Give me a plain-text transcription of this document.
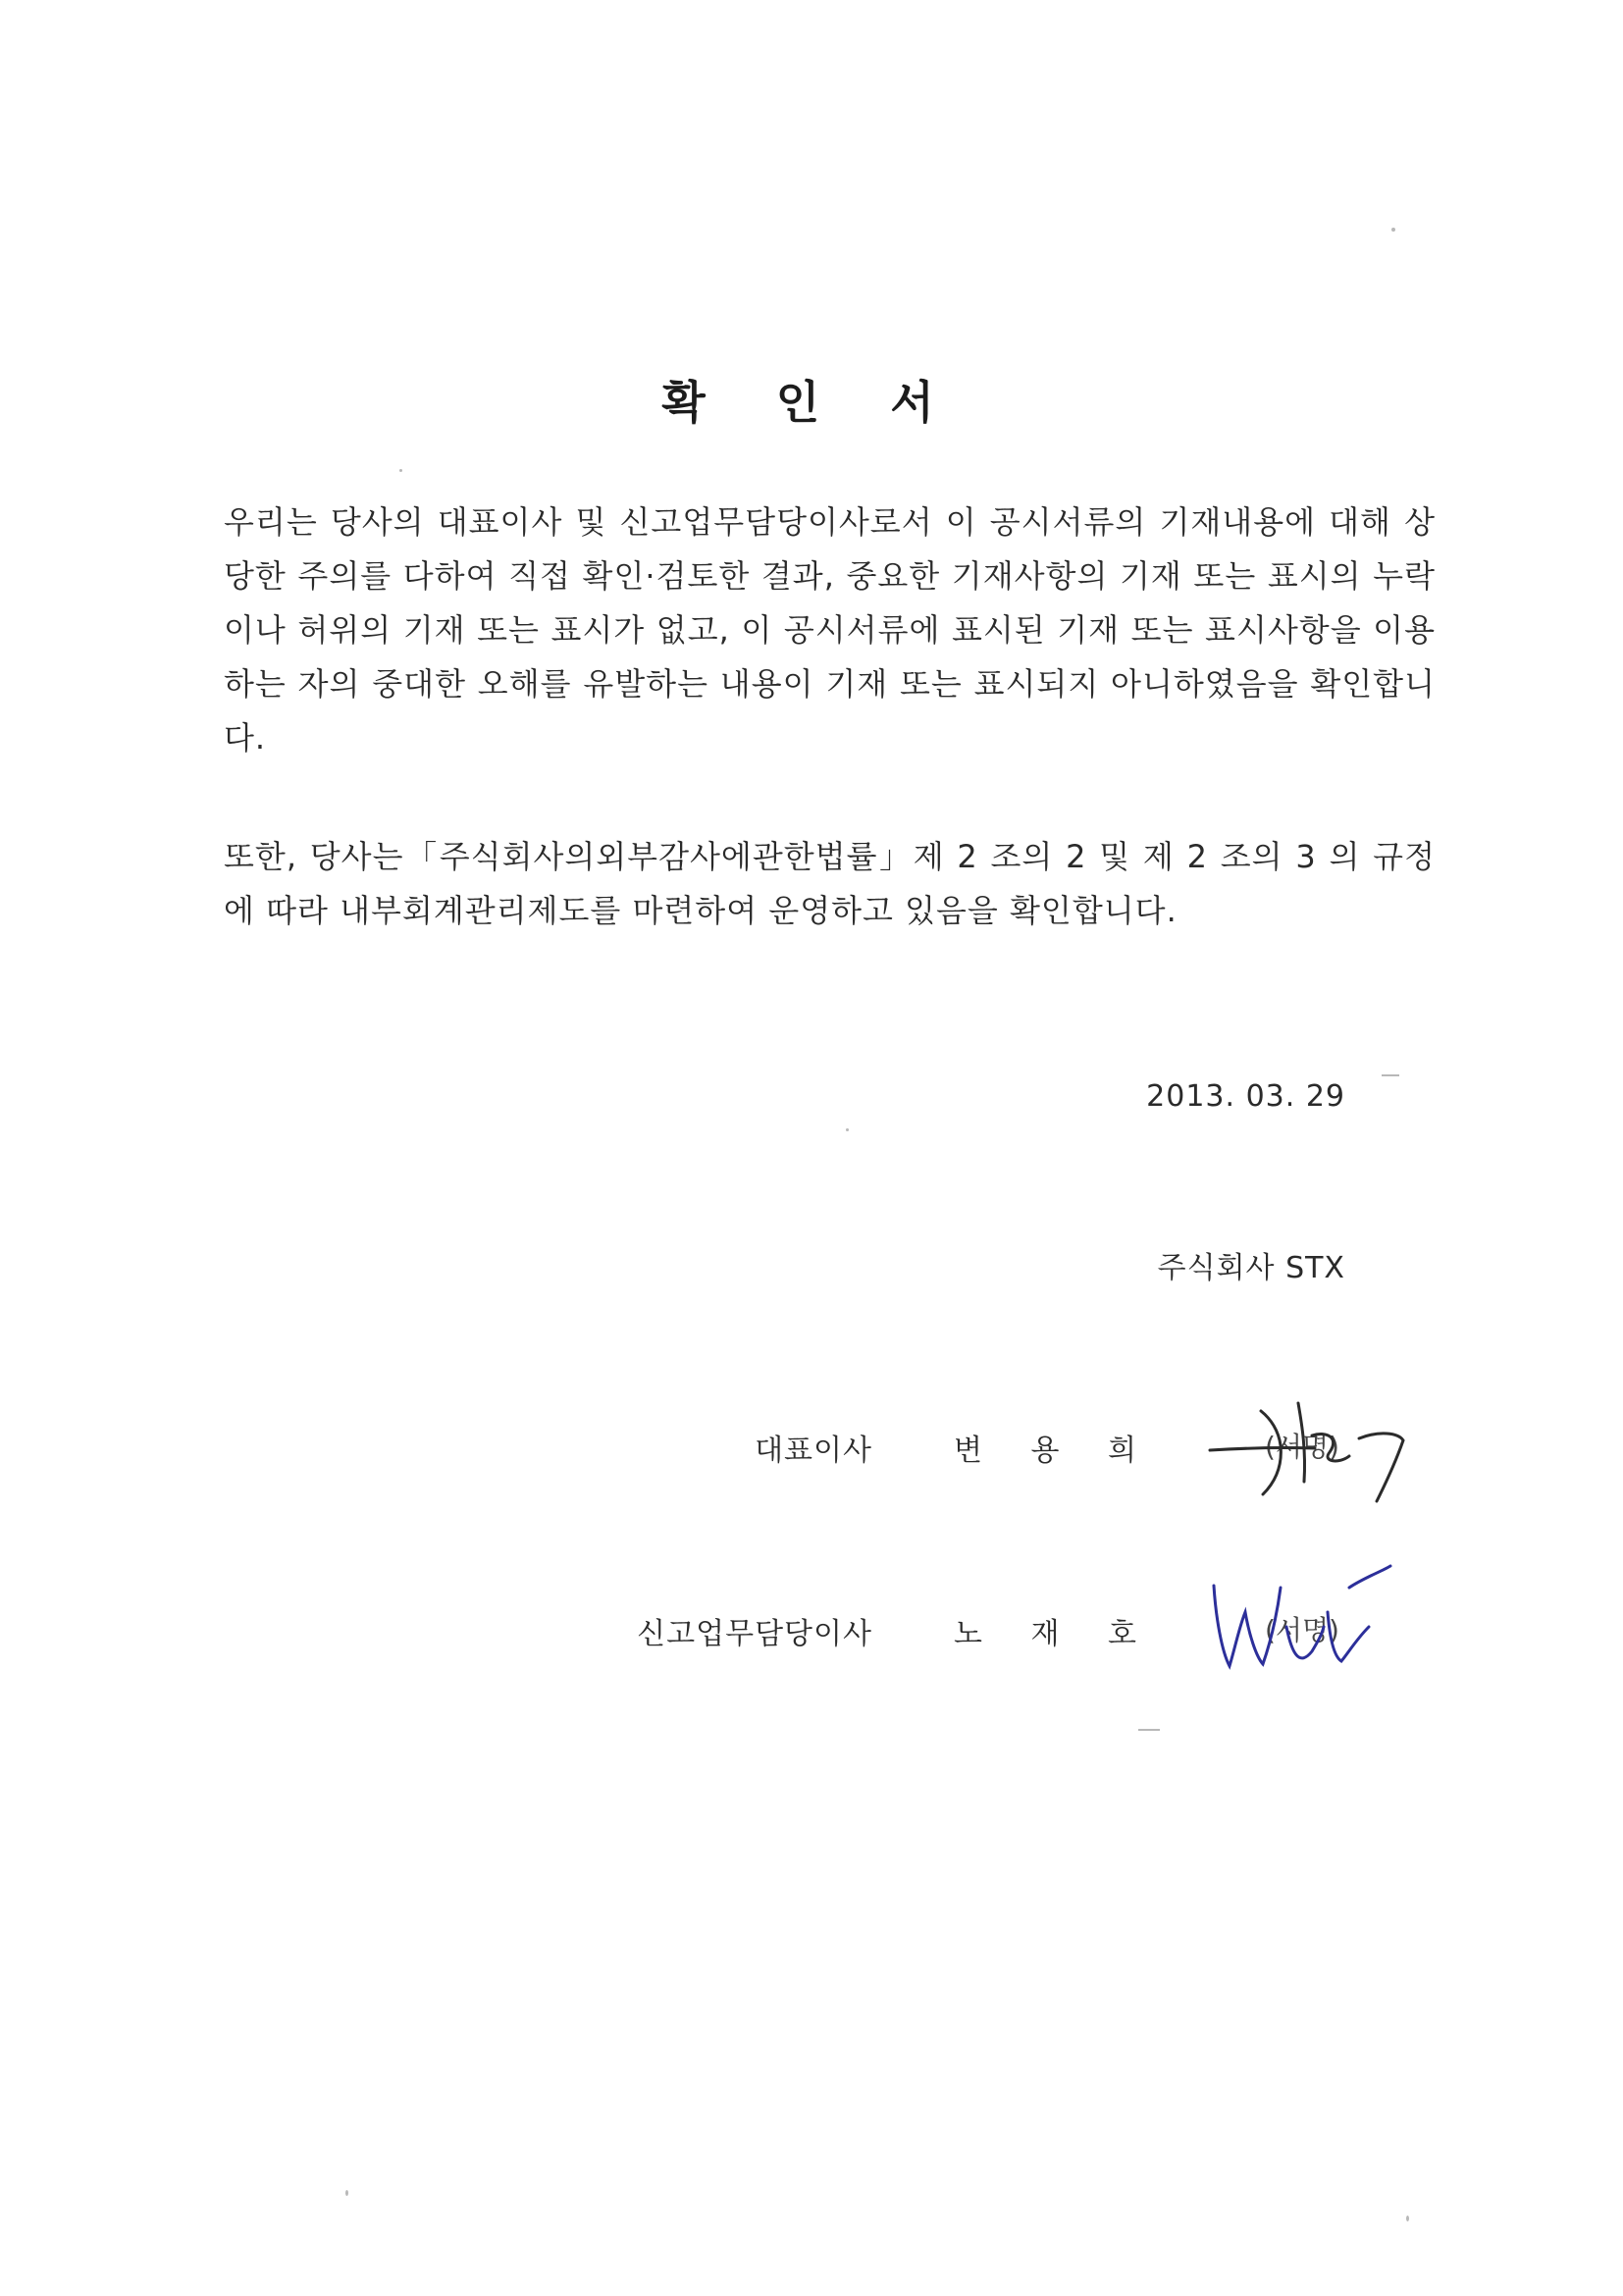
확 인 서
우리는 당사의 대표이사 및 신고업무담당이사로서 이 공시서류의 기재내용에 대해 상당한 주의를 다하여 직접 확인·검토한 결과, 중요한 기재사항의 기재 또는 표시의 누락이나 허위의 기재 또는 표시가 없고, 이 공시서류에 표시된 기재 또는 표시사항을 이용하는 자의 중대한 오해를 유발하는 내용이 기재 또는 표시되지 아니하였음을 확인합니다.
또한, 당사는「주식회사의외부감사에관한법률」제 2 조의 2 및 제 2 조의 3 의 규정에 따라 내부회계관리제도를 마련하여 운영하고 있음을 확인합니다.
2013. 03. 29
주식회사 STX
대표이사	변 용 희	(서명)
신고업무담당이사	노 재 호	(서명)
